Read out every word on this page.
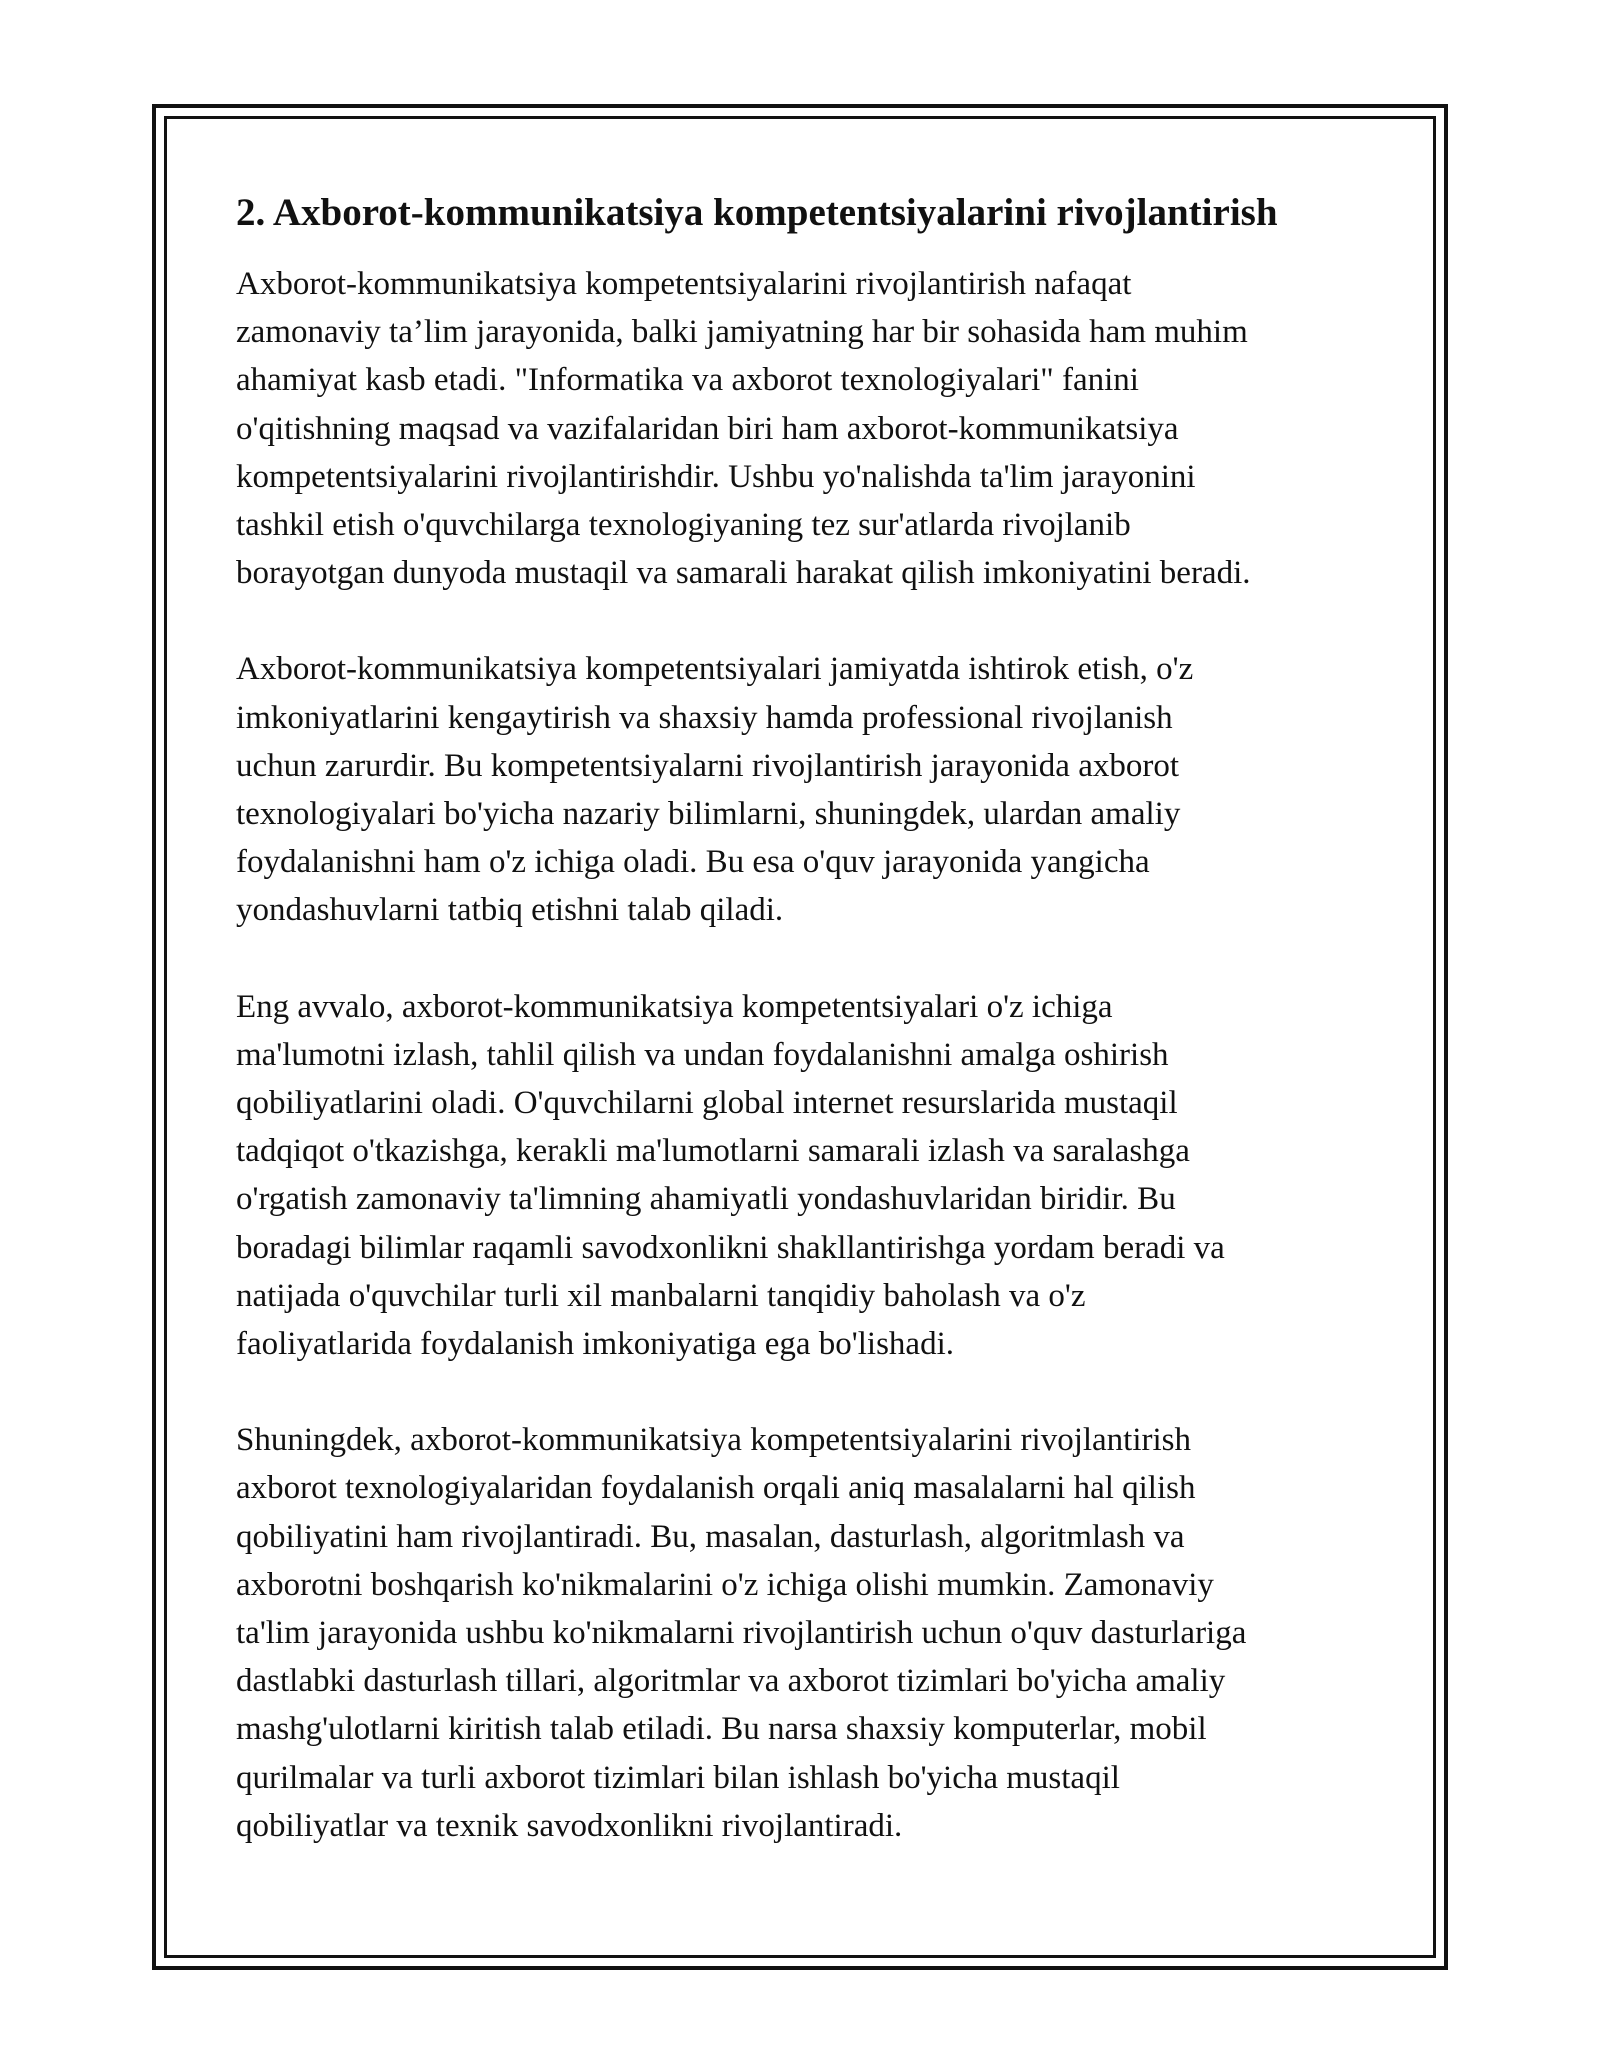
2. Axborot-kommunikatsiya kompetentsiyalarini rivojlantirish

Axborot-kommunikatsiya kompetentsiyalarini rivojlantirish nafaqat
zamonaviy ta’lim jarayonida, balki jamiyatning har bir sohasida ham muhim
ahamiyat kasb etadi. "Informatika va axborot texnologiyalari" fanini
o'qitishning maqsad va vazifalaridan biri ham axborot-kommunikatsiya
kompetentsiyalarini rivojlantirishdir. Ushbu yo'nalishda ta'lim jarayonini
tashkil etish o'quvchilarga texnologiyaning tez sur'atlarda rivojlanib
borayotgan dunyoda mustaqil va samarali harakat qilish imkoniyatini beradi.

Axborot-kommunikatsiya kompetentsiyalari jamiyatda ishtirok etish, o'z
imkoniyatlarini kengaytirish va shaxsiy hamda professional rivojlanish
uchun zarurdir. Bu kompetentsiyalarni rivojlantirish jarayonida axborot
texnologiyalari bo'yicha nazariy bilimlarni, shuningdek, ulardan amaliy
foydalanishni ham o'z ichiga oladi. Bu esa o'quv jarayonida yangicha
yondashuvlarni tatbiq etishni talab qiladi.

Eng avvalo, axborot-kommunikatsiya kompetentsiyalari o'z ichiga
ma'lumotni izlash, tahlil qilish va undan foydalanishni amalga oshirish
qobiliyatlarini oladi. O'quvchilarni global internet resurslarida mustaqil
tadqiqot o'tkazishga, kerakli ma'lumotlarni samarali izlash va saralashga
o'rgatish zamonaviy ta'limning ahamiyatli yondashuvlaridan biridir. Bu
boradagi bilimlar raqamli savodxonlikni shakllantirishga yordam beradi va
natijada o'quvchilar turli xil manbalarni tanqidiy baholash va o'z
faoliyatlarida foydalanish imkoniyatiga ega bo'lishadi.

Shuningdek, axborot-kommunikatsiya kompetentsiyalarini rivojlantirish
axborot texnologiyalaridan foydalanish orqali aniq masalalarni hal qilish
qobiliyatini ham rivojlantiradi. Bu, masalan, dasturlash, algoritmlash va
axborotni boshqarish ko'nikmalarini o'z ichiga olishi mumkin. Zamonaviy
ta'lim jarayonida ushbu ko'nikmalarni rivojlantirish uchun o'quv dasturlariga
dastlabki dasturlash tillari, algoritmlar va axborot tizimlari bo'yicha amaliy
mashg'ulotlarni kiritish talab etiladi. Bu narsa shaxsiy komputerlar, mobil
qurilmalar va turli axborot tizimlari bilan ishlash bo'yicha mustaqil
qobiliyatlar va texnik savodxonlikni rivojlantiradi.
